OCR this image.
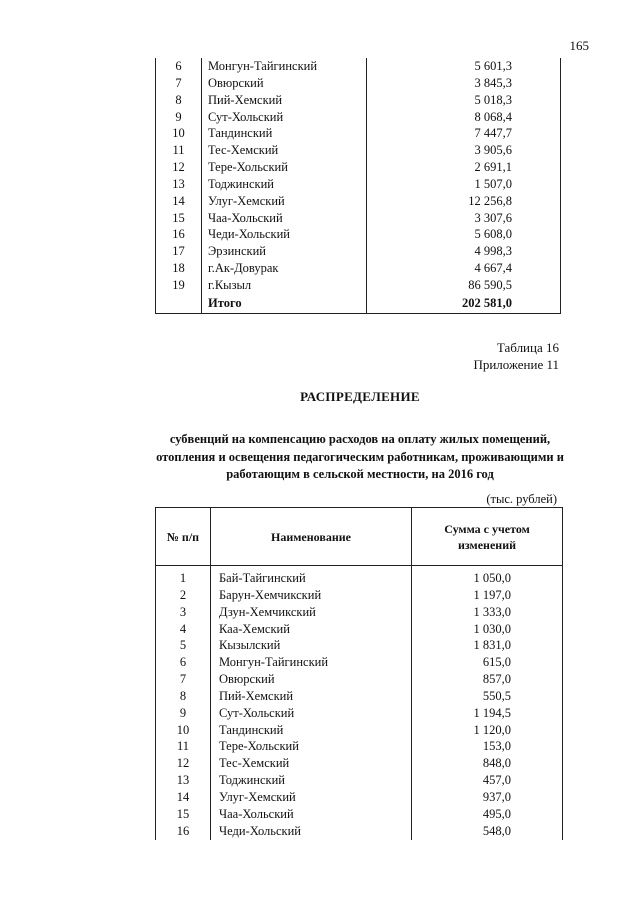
165
6	Монгун-Тайгинский	5 601,3
7	Овюрский	3 845,3
8	Пий-Хемский	5 018,3
9	Сут-Хольский	8 068,4
10	Тандинский	7 447,7
11	Тес-Хемский	3 905,6
12	Тере-Хольский	2 691,1
13	Тоджинский	1 507,0
14	Улуг-Хемский	12 256,8
15	Чаа-Хольский	3 307,6
16	Чеди-Хольский	5 608,0
17	Эрзинский	4 998,3
18	г.Ак-Довурак	4 667,4
19	г.Кызыл	86 590,5
	Итого	202 581,0
Таблица 16
Приложение 11
РАСПРЕДЕЛЕНИЕ
субвенций на компенсацию расходов на оплату жилых помещений, отопления и освещения педагогическим работникам, проживающими и работающим в сельской местности, на 2016 год
(тыс. рублей)
№ п/п	Наименование	Сумма с учетом изменений

1	Бай-Тайгинский	1 050,0
2	Барун-Хемчикский	1 197,0
3	Дзун-Хемчикский	1 333,0
4	Каа-Хемский	1 030,0
5	Кызылский	1 831,0
6	Монгун-Тайгинский	615,0
7	Овюрский	857,0
8	Пий-Хемский	550,5
9	Сут-Хольский	1 194,5
10	Тандинский	1 120,0
11	Тере-Хольский	153,0
12	Тес-Хемский	848,0
13	Тоджинский	457,0
14	Улуг-Хемский	937,0
15	Чаа-Хольский	495,0
16	Чеди-Хольский	548,0
